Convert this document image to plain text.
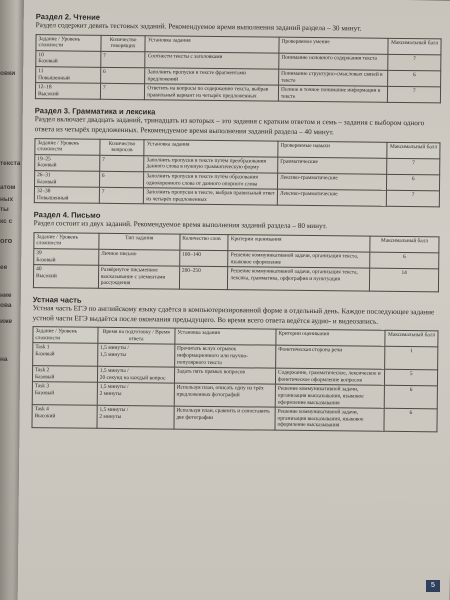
овки
текста
атом
ных
ты
кс с
ого
ее
ние
ова
иже
на
Раздел 2. Чтение
Раздел содержит девять тестовых заданий. Рекомендуемое время выполнения заданий раздела – 30 минут.
Задание / Уровень сложности	Количество говорящих	Установка задания	Проверяемое умение	Максимальный балл
10
Базовый	7	Соотнести тексты с заголовками	Понимание основного содержания текста	7
11
Повышенный	6	Заполнить пропуски в тексте фрагментами предложений	Понимание структурно-смысловых связей в тексте	6
12–18
Высокий	7	Ответить на вопросы по содержанию текста, выбрав правильный вариант из четырёх предложенных	Полное и точное понимание информации в тексте	7
Раздел 3. Грамматика и лексика
Раздел включает двадцать заданий, тринадцать из которых – это задания с кратким ответом и семь – задания с выбором одного ответа из четырёх предложенных. Рекомендуемое время выполнения заданий раздела – 40 минут.
Задание / Уровень сложности	Количество вопросов	Установка задания	Проверяемые навыки	Максимальный балл
19–25
Базовый	7	Заполнить пропуски в тексте путём преобразования данного слова в нужную грамматическую форму	Грамматические	7
26–31
Базовый	6	Заполнить пропуски в тексте путём образования однокоренного слова от данного опорного слова	Лексико-грамматические	6
32–38
Повышенный	7	Заполнить пропуски в тексте, выбрав правильный ответ из четырёх предложенных	Лексико-грамматические	7
Раздел 4. Письмо
Раздел состоит из двух заданий. Рекомендуемое время выполнения заданий раздела – 80 минут.
Задание / Уровень сложности	Тип задания	Количество слов	Критерии оценивания	Максимальный балл
39
Базовый	Личное письмо	100–140	Решение коммуникативной задачи, организация текста, языковое оформление	6
40
Высокий	Развёрнутое письменное высказывание с элементами рассуждения	200–250	Решение коммуникативной задачи, организация текста, лексика, грамматика, орфография и пунктуация	14
Устная часть
Устная часть ЕГЭ по английскому языку сдаётся в компьютеризированной форме в отдельный день. Каждое последующее задание устной части ЕГЭ выдаётся после окончания предыдущего. Во время всего ответа ведётся аудио- и видеозапись.
Задание / Уровень сложности	Время на подготовку / Время ответа	Установка задания	Критерии оценивания	Максимальный балл
Task 1
Базовый	1,5 минуты /
1,5 минуты	Прочитать вслух отрывок информационного или научно-популярного текста	Фонетическая сторона речи	1
Task 2
Базовый	1,5 минуты /
20 секунд на каждый вопрос	Задать пять прямых вопросов	Содержание, грамматическое, лексическое и фонетическое оформление вопросов	5
Task 3
Базовый	1,5 минуты /
2 минуты	Используя план, описать одну из трёх предложенных фотографий	Решение коммуникативной задачи, организация высказывания, языковое оформление высказывания	6
Task 4
Высокий	1,5 минуты /
2 минуты	Используя план, сравнить и сопоставить две фотографии	Решение коммуникативной задачи, организация высказывания, языковое оформление высказывания	6
5
